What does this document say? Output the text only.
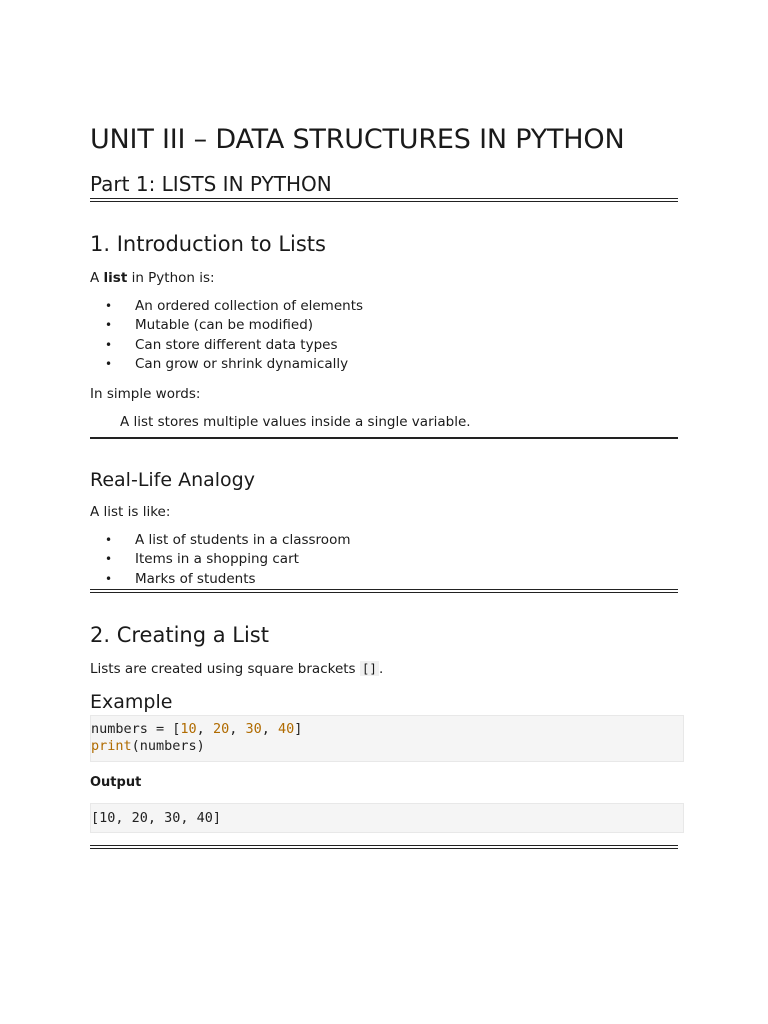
UNIT III – DATA STRUCTURES IN PYTHON
Part 1: LISTS IN PYTHON
1. Introduction to Lists
A list in Python is:
• An ordered collection of elements
• Mutable (can be modified)
• Can store different data types
• Can grow or shrink dynamically
In simple words:
A list stores multiple values inside a single variable.
Real-Life Analogy
A list is like:
• A list of students in a classroom
• Items in a shopping cart
• Marks of students
2. Creating a List
Lists are created using square brackets [] .
Example
numbers = [10, 20, 30, 40]
print(numbers)
Output
[10, 20, 30, 40]
